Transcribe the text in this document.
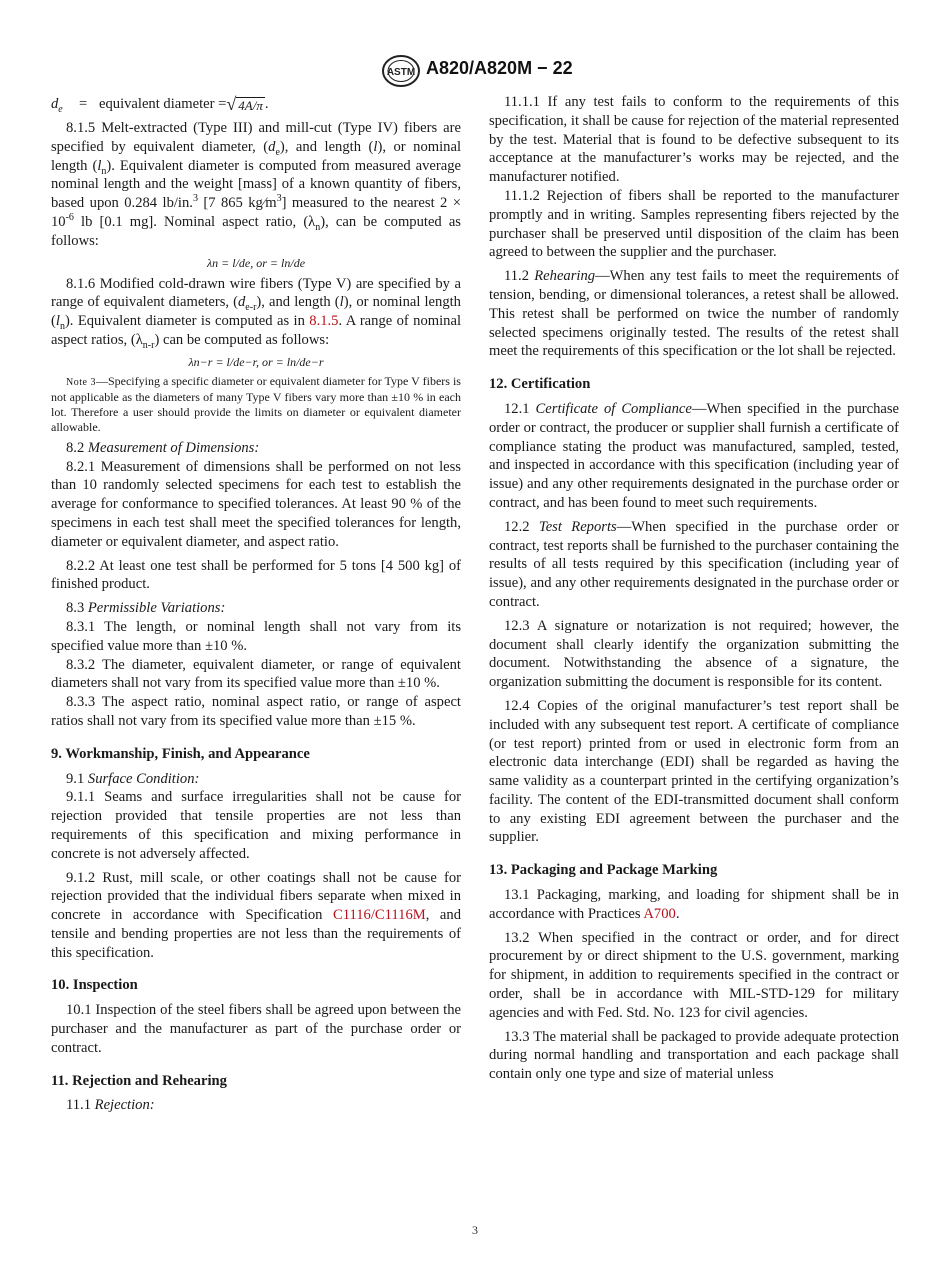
ASTM A820/A820M − 22
$d_e$	= equivalent diameter = √ 4A/π .

8.1.5 Melt-extracted (Type III) and mill-cut (Type IV) fibers are specified by equivalent diameter, $(d_e)$, and length (l), or nominal length $(l_n)$. Equivalent diameter is computed from measured average nominal length and the weight [mass] of a known quantity of fibers, based upon 0.284 lb/in.$^3$ [7 865 $kg⁄m^3$] measured to the nearest $2 \times 10^{-6}$ lb [0.1 mg]. Nominal aspect ratio, $(\lambda_n)$, can be computed as follows:

λn = l/de, or = ln/de

8.1.6 Modified cold-drawn wire fibers (Type V) are specified by a range of equivalent diameters, $(d_{e-r})$, and length (l), or nominal length $(l_n)$. Equivalent diameter is computed as in 8.1.5. A range of nominal aspect ratios, $(\lambda_{n-r})$ can be computed as follows:

λn−r = l/de−r, or = ln/de−r
Note 3—Specifying a specific diameter or equivalent diameter for Type V fibers is not applicable as the diameters of many Type V fibers vary more than ±10 % in each lot. Therefore a user should provide the limits on diameter or equivalent diameter allowable.

8.2 Measurement of Dimensions:

8.2.1 Measurement of dimensions shall be performed on not less than 10 randomly selected specimens for each test to establish the average for conformance to specified tolerances. At least 90 % of the specimens in each test shall meet the specified tolerances for length, diameter or equivalent diameter, and aspect ratio.

8.2.2 At least one test shall be performed for 5 tons [4 500 kg] of finished product.

8.3 Permissible Variations:

8.3.1 The length, or nominal length shall not vary from its specified value more than ±10 %.

8.3.2 The diameter, equivalent diameter, or range of equivalent diameters shall not vary from its specified value more than ±10 %.

8.3.3 The aspect ratio, nominal aspect ratio, or range of aspect ratios shall not vary from its specified value more than ±15 %.

9. Workmanship, Finish, and Appearance

9.1 Surface Condition:

9.1.1 Seams and surface irregularities shall not be cause for rejection provided that tensile properties are not less than requirements of this specification and mixing performance in concrete is not adversely affected.

9.1.2 Rust, mill scale, or other coatings shall not be cause for rejection provided that the individual fibers separate when mixed in concrete in accordance with Specification C1116/C1116M, and tensile and bending properties are not less than the requirements of this specification.

10. Inspection

10.1 Inspection of the steel fibers shall be agreed upon between the purchaser and the manufacturer as part of the purchase order or contract.

11. Rejection and Rehearing

11.1 Rejection:

11.1.1 If any test fails to conform to the requirements of this specification, it shall be cause for rejection of the material represented by the test. Material that is found to be defective subsequent to its acceptance at the manufacturer’s works may be rejected, and the manufacturer notified.

11.1.2 Rejection of fibers shall be reported to the manufacturer promptly and in writing. Samples representing fibers rejected by the purchaser shall be preserved until disposition of the claim has been agreed to between the supplier and the purchaser.

11.2 Rehearing—When any test fails to meet the requirements of tension, bending, or dimensional tolerances, a retest shall be allowed. This retest shall be performed on twice the number of randomly selected specimens originally tested. The results of the retest shall meet the requirements of this specification or the lot shall be rejected.

12. Certification

12.1 Certificate of Compliance—When specified in the purchase order or contract, the producer or supplier shall furnish a certificate of compliance stating the product was manufactured, sampled, tested, and inspected in accordance with this specification (including year of issue) and any other requirements designated in the purchase order or contract, and has been found to meet such requirements.

12.2 Test Reports—When specified in the purchase order or contract, test reports shall be furnished to the purchaser containing the results of all tests required by this specification (including year of issue), and any other requirements designated in the purchase order or contract.

12.3 A signature or notarization is not required; however, the document shall clearly identify the organization submitting the document. Notwithstanding the absence of a signature, the organization submitting the document is responsible for its content.

12.4 Copies of the original manufacturer’s test report shall be included with any subsequent test report. A certificate of compliance (or test report) printed from or used in electronic form from an electronic data interchange (EDI) shall be regarded as having the same validity as a counterpart printed in the certifying organization’s facility. The content of the EDI-transmitted document shall conform to any existing EDI agreement between the purchaser and the supplier.

13. Packaging and Package Marking

13.1 Packaging, marking, and loading for shipment shall be in accordance with Practices A700.

13.2 When specified in the contract or order, and for direct procurement by or direct shipment to the U.S. government, marking for shipment, in addition to requirements specified in the contract or order, shall be in accordance with MIL-STD-129 for military agencies and with Fed. Std. No. 123 for civil agencies.

13.3 The material shall be packaged to provide adequate protection during normal handling and transportation and each package shall contain only one type and size of material unless

3
